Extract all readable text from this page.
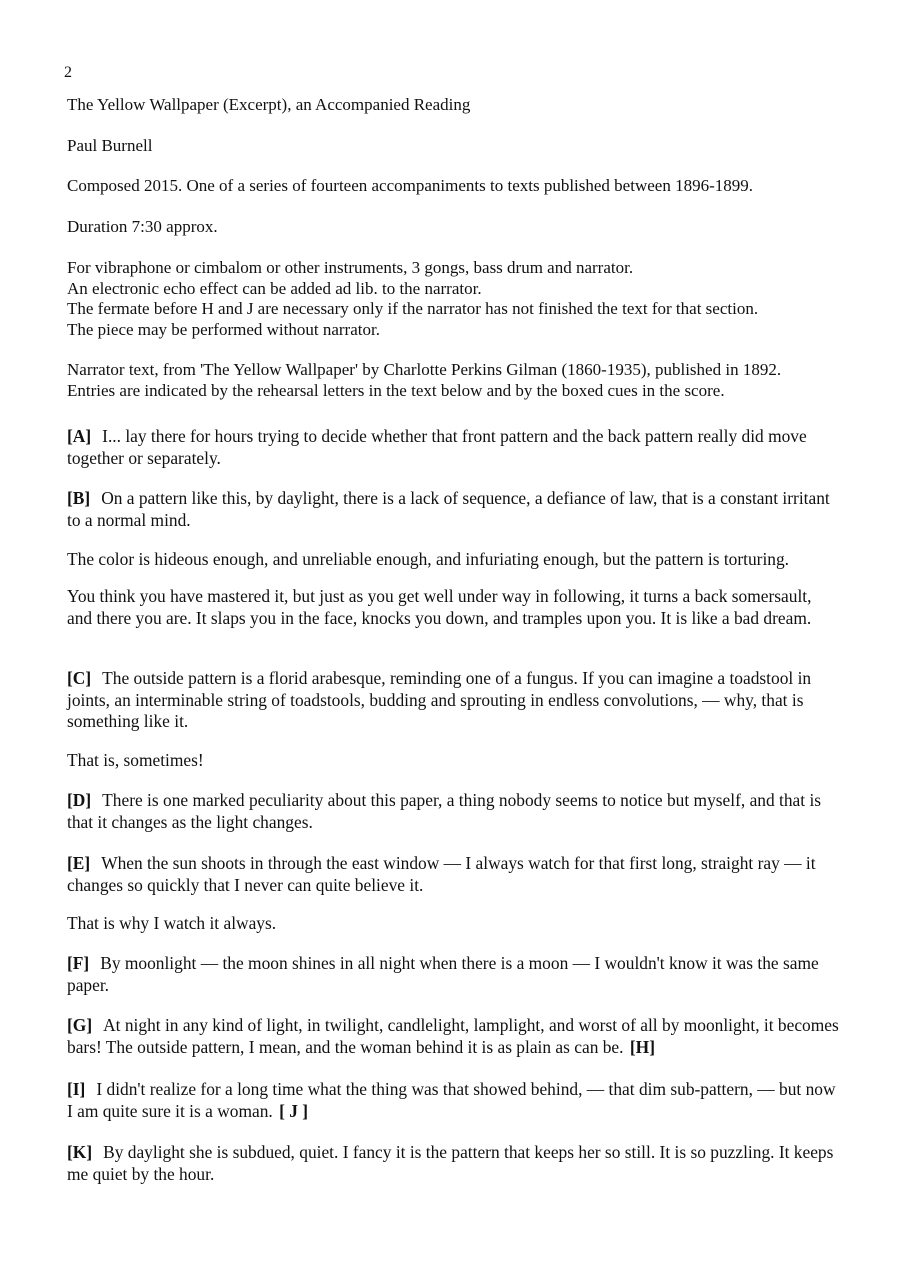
2
The Yellow Wallpaper (Excerpt), an Accompanied Reading
Paul Burnell
Composed 2015. One of a series of fourteen accompaniments to texts published between 1896-1899.
Duration 7:30 approx.
For vibraphone or cimbalom or other instruments, 3 gongs, bass drum and narrator.
An electronic echo effect can be added ad lib. to the narrator.
The fermate before H and J are necessary only if the narrator has not finished the text for that section.
The piece may be performed without narrator.
Narrator text, from 'The Yellow Wallpaper' by Charlotte Perkins Gilman (1860-1935), published in 1892.
Entries are indicated by the rehearsal letters in the text below and by the boxed cues in the score.
[A] I... lay there for hours trying to decide whether that front pattern and the back pattern really did move together or separately.
[B] On a pattern like this, by daylight, there is a lack of sequence, a defiance of law, that is a constant irritant to a normal mind.
The color is hideous enough, and unreliable enough, and infuriating enough, but the pattern is torturing.
You think you have mastered it, but just as you get well under way in following, it turns a back somersault, and there you are. It slaps you in the face, knocks you down, and tramples upon you. It is like a bad dream.
[C] The outside pattern is a florid arabesque, reminding one of a fungus. If you can imagine a toadstool in joints, an interminable string of toadstools, budding and sprouting in endless convolutions, — why, that is something like it.
That is, sometimes!
[D] There is one marked peculiarity about this paper, a thing nobody seems to notice but myself, and that is that it changes as the light changes.
[E] When the sun shoots in through the east window — I always watch for that first long, straight ray — it changes so quickly that I never can quite believe it.
That is why I watch it always.
[F] By moonlight — the moon shines in all night when there is a moon — I wouldn't know it was the same paper.
[G] At night in any kind of light, in twilight, candlelight, lamplight, and worst of all by moonlight, it becomes bars! The outside pattern, I mean, and the woman behind it is as plain as can be. [H]
[I] I didn't realize for a long time what the thing was that showed behind, — that dim sub-pattern, — but now I am quite sure it is a woman. [ J ]
[K] By daylight she is subdued, quiet. I fancy it is the pattern that keeps her so still. It is so puzzling. It keeps me quiet by the hour.
